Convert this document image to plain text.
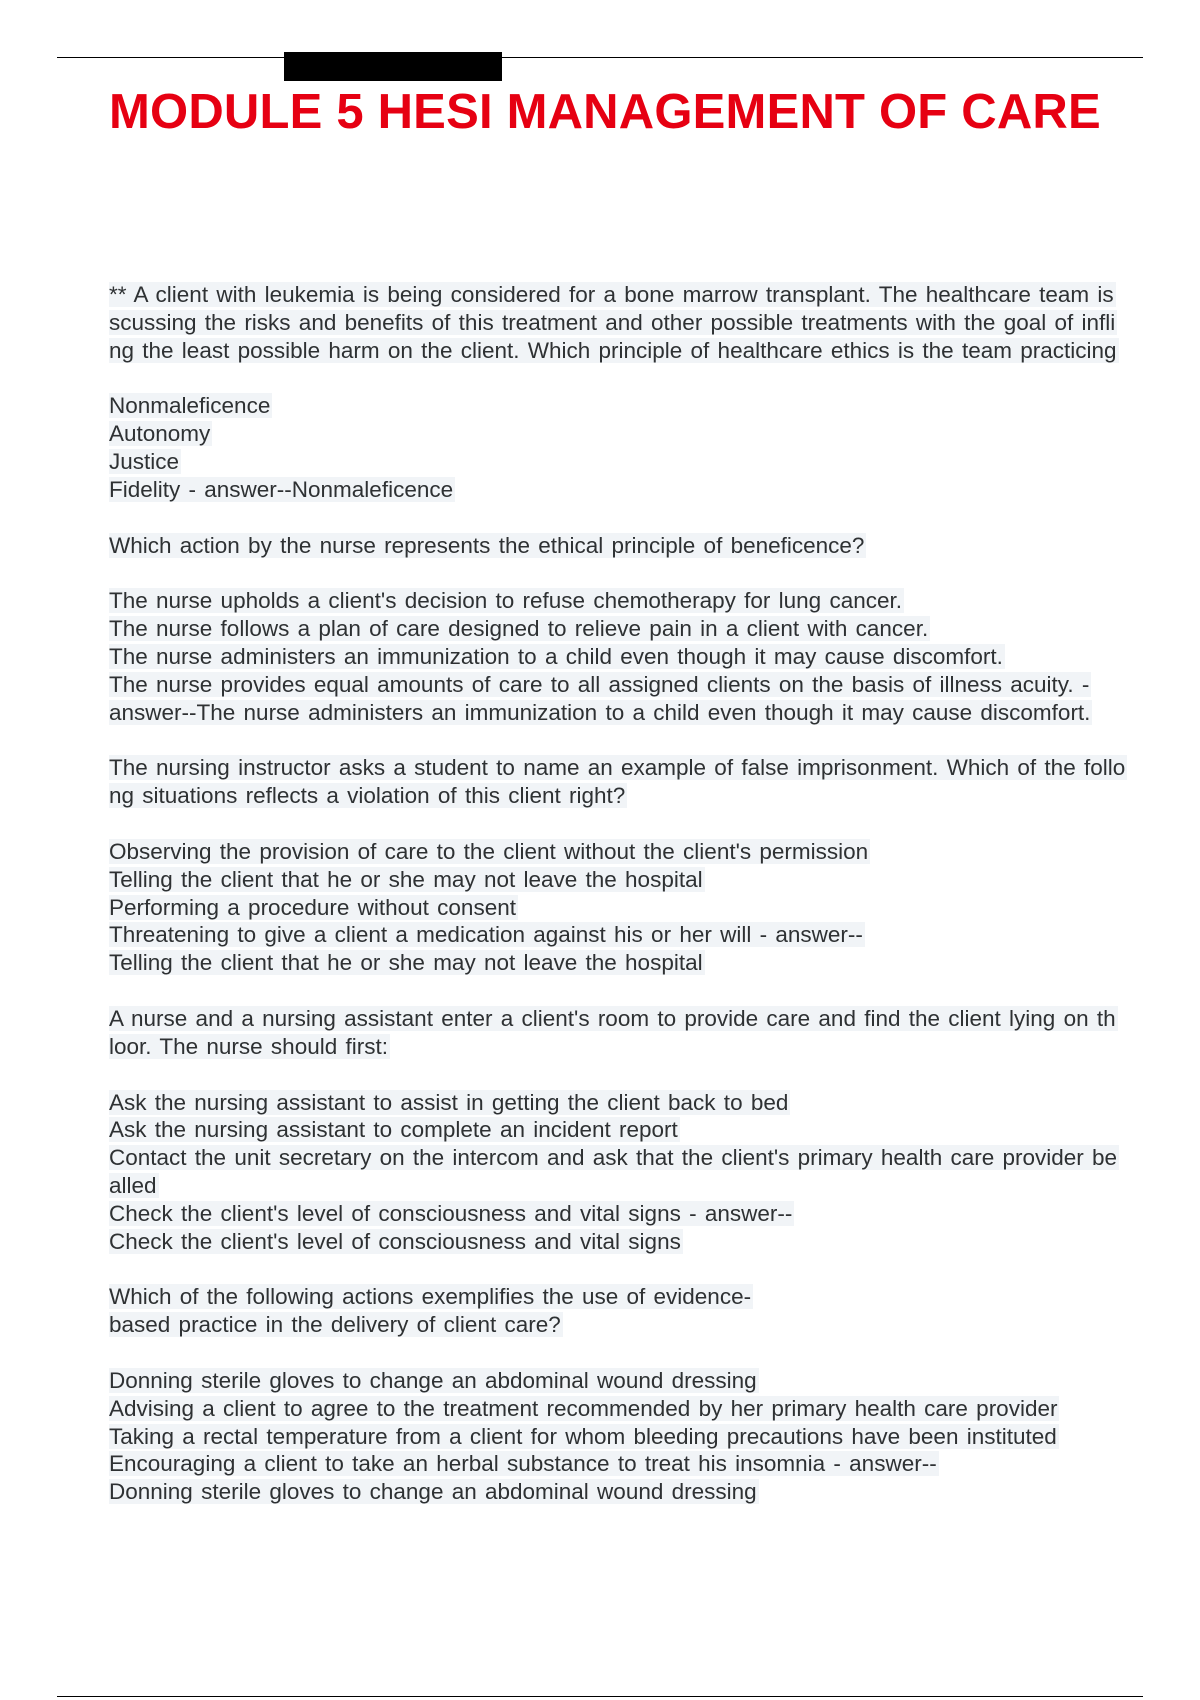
MODULE 5 HESI MANAGEMENT OF CARE
** A client with leukemia is being considered for a bone marrow transplant. The healthcare team is
scussing the risks and benefits of this treatment and other possible treatments with the goal of infli
ng the least possible harm on the client. Which principle of healthcare ethics is the team practicing
Nonmaleficence
Autonomy
Justice
Fidelity - answer--Nonmaleficence
Which action by the nurse represents the ethical principle of beneficence?
The nurse upholds a client's decision to refuse chemotherapy for lung cancer.
The nurse follows a plan of care designed to relieve pain in a client with cancer.
The nurse administers an immunization to a child even though it may cause discomfort.
The nurse provides equal amounts of care to all assigned clients on the basis of illness acuity. -
answer--The nurse administers an immunization to a child even though it may cause discomfort.
The nursing instructor asks a student to name an example of false imprisonment. Which of the follo
ng situations reflects a violation of this client right?
Observing the provision of care to the client without the client's permission
Telling the client that he or she may not leave the hospital
Performing a procedure without consent
Threatening to give a client a medication against his or her will - answer--
Telling the client that he or she may not leave the hospital
A nurse and a nursing assistant enter a client's room to provide care and find the client lying on th
loor. The nurse should first:
Ask the nursing assistant to assist in getting the client back to bed
Ask the nursing assistant to complete an incident report
Contact the unit secretary on the intercom and ask that the client's primary health care provider be
alled
Check the client's level of consciousness and vital signs - answer--
Check the client's level of consciousness and vital signs
Which of the following actions exemplifies the use of evidence-
based practice in the delivery of client care?
Donning sterile gloves to change an abdominal wound dressing
Advising a client to agree to the treatment recommended by her primary health care provider
Taking a rectal temperature from a client for whom bleeding precautions have been instituted
Encouraging a client to take an herbal substance to treat his insomnia - answer--
Donning sterile gloves to change an abdominal wound dressing
